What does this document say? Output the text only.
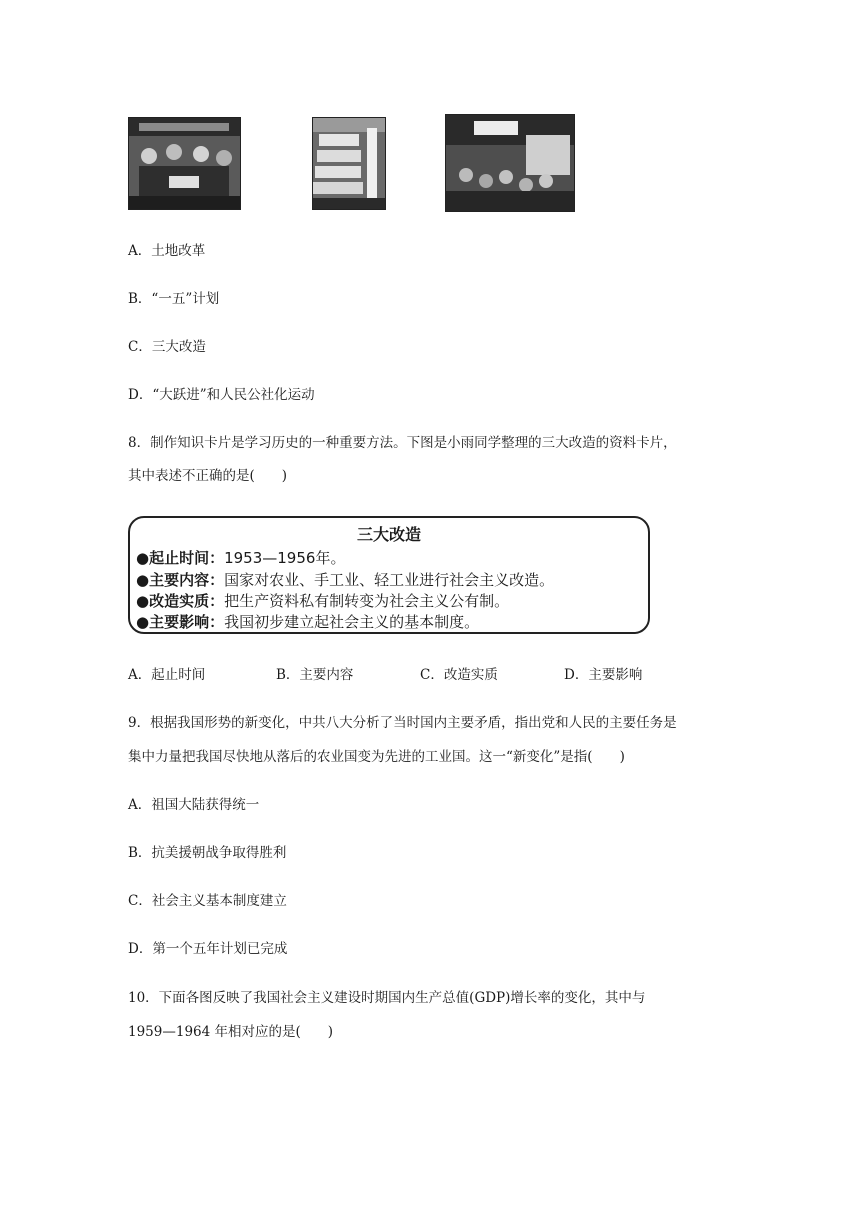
A．土地改革
B．“一五”计划
C．三大改造
D．“大跃进”和人民公社化运动
8．制作知识卡片是学习历史的一种重要方法。下图是小雨同学整理的三大改造的资料卡片，
其中表述不正确的是(　　)
三大改造
●起止时间：1953—1956年。
●主要内容：国家对农业、手工业、轻工业进行社会主义改造。
●改造实质：把生产资料私有制转变为社会主义公有制。
●主要影响：我国初步建立起社会主义的基本制度。
A．起止时间	B．主要内容	C．改造实质	D．主要影响
9．根据我国形势的新变化，中共八大分析了当时国内主要矛盾，指出党和人民的主要任务是
集中力量把我国尽快地从落后的农业国变为先进的工业国。这一“新变化”是指(　　)
A．祖国大陆获得统一
B．抗美援朝战争取得胜利
C．社会主义基本制度建立
D．第一个五年计划已完成
10．下面各图反映了我国社会主义建设时期国内生产总值(GDP)增长率的变化，其中与
1959—1964 年相对应的是(　　)
